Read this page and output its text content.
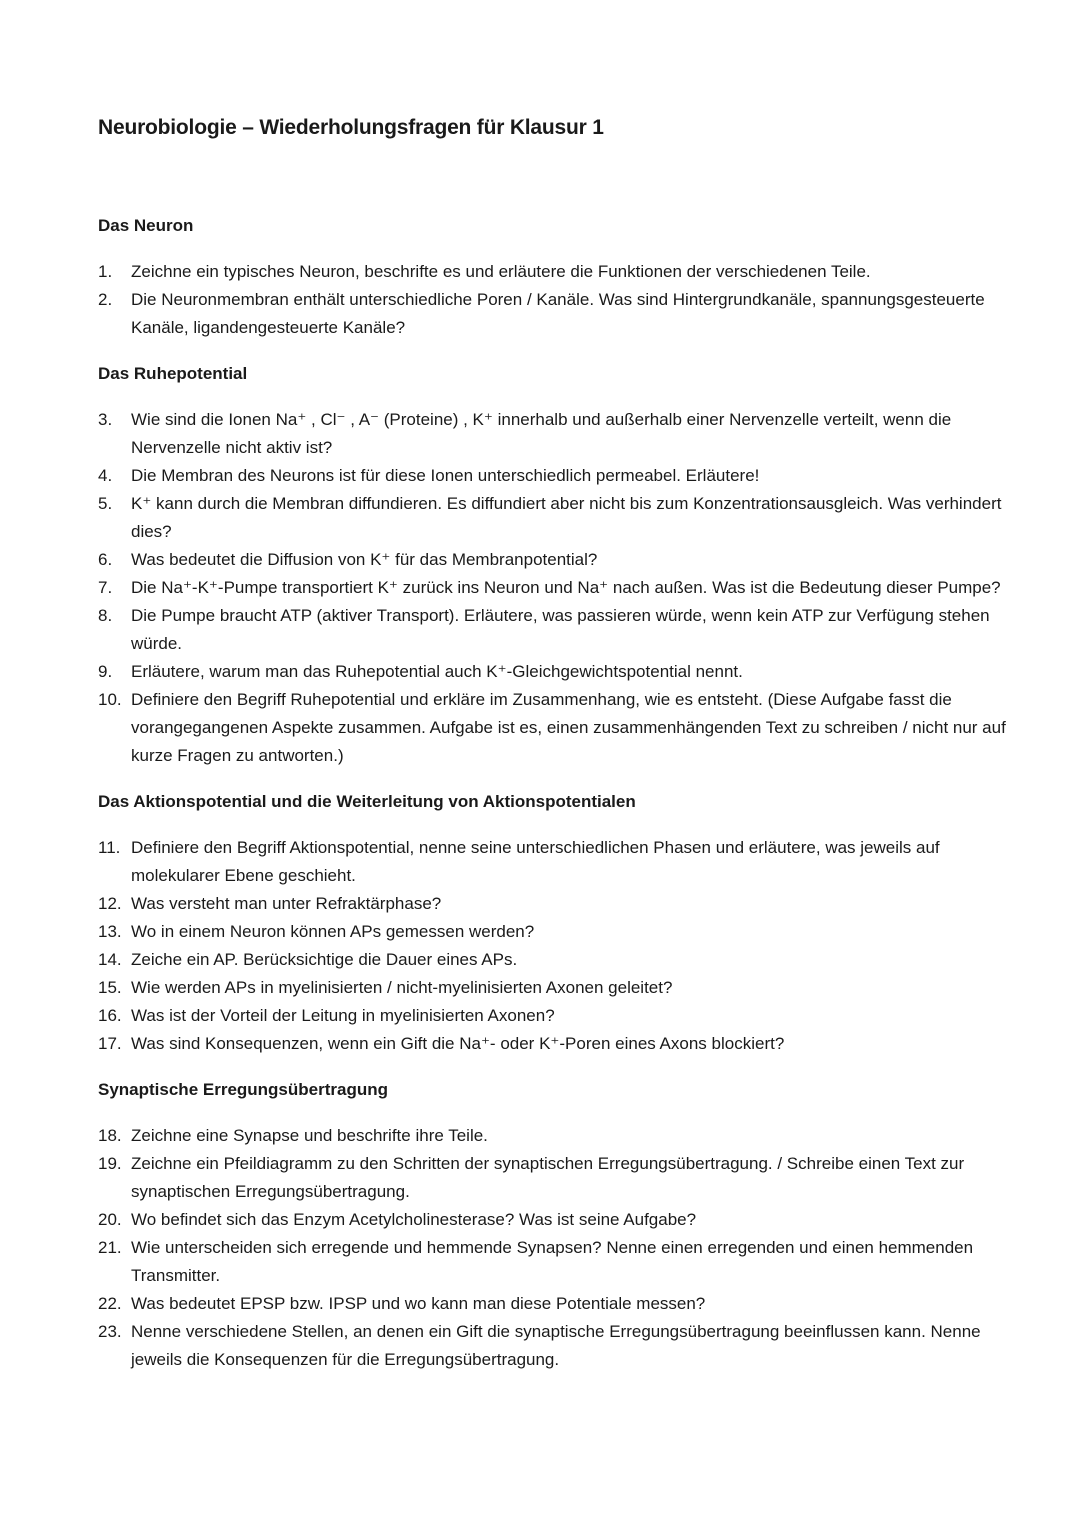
Neurobiologie – Wiederholungsfragen für Klausur 1
Das Neuron
1.	Zeichne ein typisches Neuron, beschrifte es und erläutere die Funktionen der verschiedenen Teile.
2.	Die Neuronmembran enthält unterschiedliche Poren / Kanäle. Was sind Hintergrundkanäle, spannungsgesteuerte Kanäle, ligandengesteuerte Kanäle?
Das Ruhepotential
3.	Wie sind die Ionen Na⁺ , Cl⁻ , A⁻ (Proteine) , K⁺ innerhalb und außerhalb einer Nervenzelle verteilt, wenn die Nervenzelle nicht aktiv ist?
4.	Die Membran des Neurons ist für diese Ionen unterschiedlich permeabel. Erläutere!
5.	K⁺ kann durch die Membran diffundieren. Es diffundiert aber nicht bis zum Konzentrationsausgleich. Was verhindert dies?
6.	Was bedeutet die Diffusion von K⁺ für das Membranpotential?
7.	Die Na⁺-K⁺-Pumpe transportiert K⁺ zurück ins Neuron und Na⁺ nach außen. Was ist die Bedeutung dieser Pumpe?
8.	Die Pumpe braucht ATP (aktiver Transport). Erläutere, was passieren würde, wenn kein ATP zur Verfügung stehen würde.
9.	Erläutere, warum man das Ruhepotential auch K⁺-Gleichgewichtspotential nennt.
10. Definiere den Begriff Ruhepotential und erkläre im Zusammenhang, wie es entsteht. (Diese Aufgabe fasst die vorangegangenen Aspekte zusammen. Aufgabe ist es, einen zusammenhängenden Text zu schreiben / nicht nur auf kurze Fragen zu antworten.)
Das Aktionspotential und die Weiterleitung von Aktionspotentialen
11. Definiere den Begriff Aktionspotential, nenne seine unterschiedlichen Phasen und erläutere, was jeweils auf molekularer Ebene geschieht.
12. Was versteht man unter Refraktärphase?
13. Wo in einem Neuron können APs gemessen werden?
14. Zeiche ein AP. Berücksichtige die Dauer eines APs.
15. Wie werden APs in myelinisierten / nicht-myelinisierten Axonen geleitet?
16. Was ist der Vorteil der Leitung in myelinisierten Axonen?
17. Was sind Konsequenzen, wenn ein Gift die Na⁺- oder K⁺-Poren eines Axons blockiert?
Synaptische Erregungsübertragung
18. Zeichne eine Synapse und beschrifte ihre Teile.
19. Zeichne ein Pfeildiagramm zu den Schritten der synaptischen Erregungsübertragung. / Schreibe einen Text zur synaptischen Erregungsübertragung.
20. Wo befindet sich das Enzym Acetylcholinesterase? Was ist seine Aufgabe?
21. Wie unterscheiden sich erregende und hemmende Synapsen? Nenne einen erregenden und einen hemmenden Transmitter.
22. Was bedeutet EPSP bzw. IPSP und wo kann man diese Potentiale messen?
23. Nenne verschiedene Stellen, an denen ein Gift die synaptische Erregungsübertragung beeinflussen kann. Nenne jeweils die Konsequenzen für die Erregungsübertragung.
